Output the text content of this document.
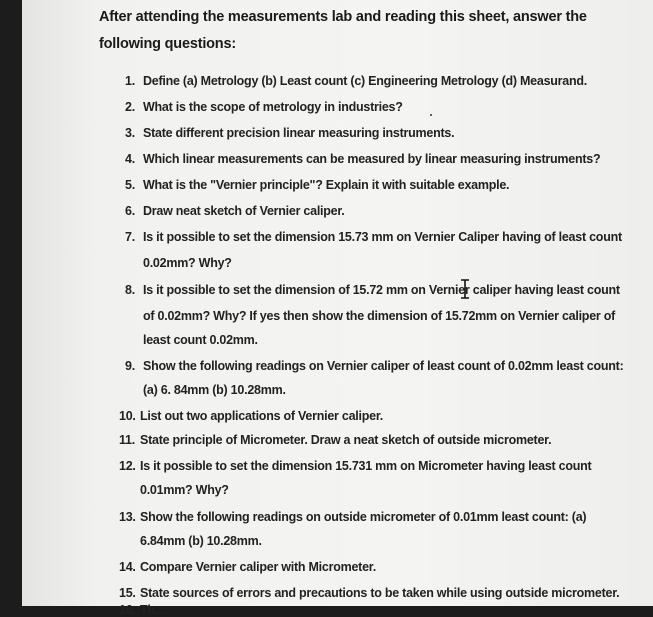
After attending the measurements lab and reading this sheet, answer the following questions:
1. Define (a) Metrology (b) Least count (c) Engineering Metrology (d) Measurand.
2. What is the scope of metrology in industries?
3. State different precision linear measuring instruments.
4. Which linear measurements can be measured by linear measuring instruments?
5. What is the "Vernier principle"? Explain it with suitable example.
6. Draw neat sketch of Vernier caliper.
7. Is it possible to set the dimension 15.73 mm on Vernier Caliper having of least count
0.02mm? Why?
8. Is it possible to set the dimension of 15.72 mm on Vernier caliper having least count
of 0.02mm? Why? If yes then show the dimension of 15.72mm on Vernier caliper of
least count 0.02mm.
9. Show the following readings on Vernier caliper of least count of 0.02mm least count:
(a) 6. 84mm (b) 10.28mm.
10. List out two applications of Vernier caliper.
11. State principle of Micrometer. Draw a neat sketch of outside micrometer.
12. Is it possible to set the dimension 15.731 mm on Micrometer having least count
0.01mm? Why?
13. Show the following readings on outside micrometer of 0.01mm least count: (a)
6.84mm (b) 10.28mm.
14. Compare Vernier caliper with Micrometer.
15. State sources of errors and precautions to be taken while using outside micrometer.
16. Th...
